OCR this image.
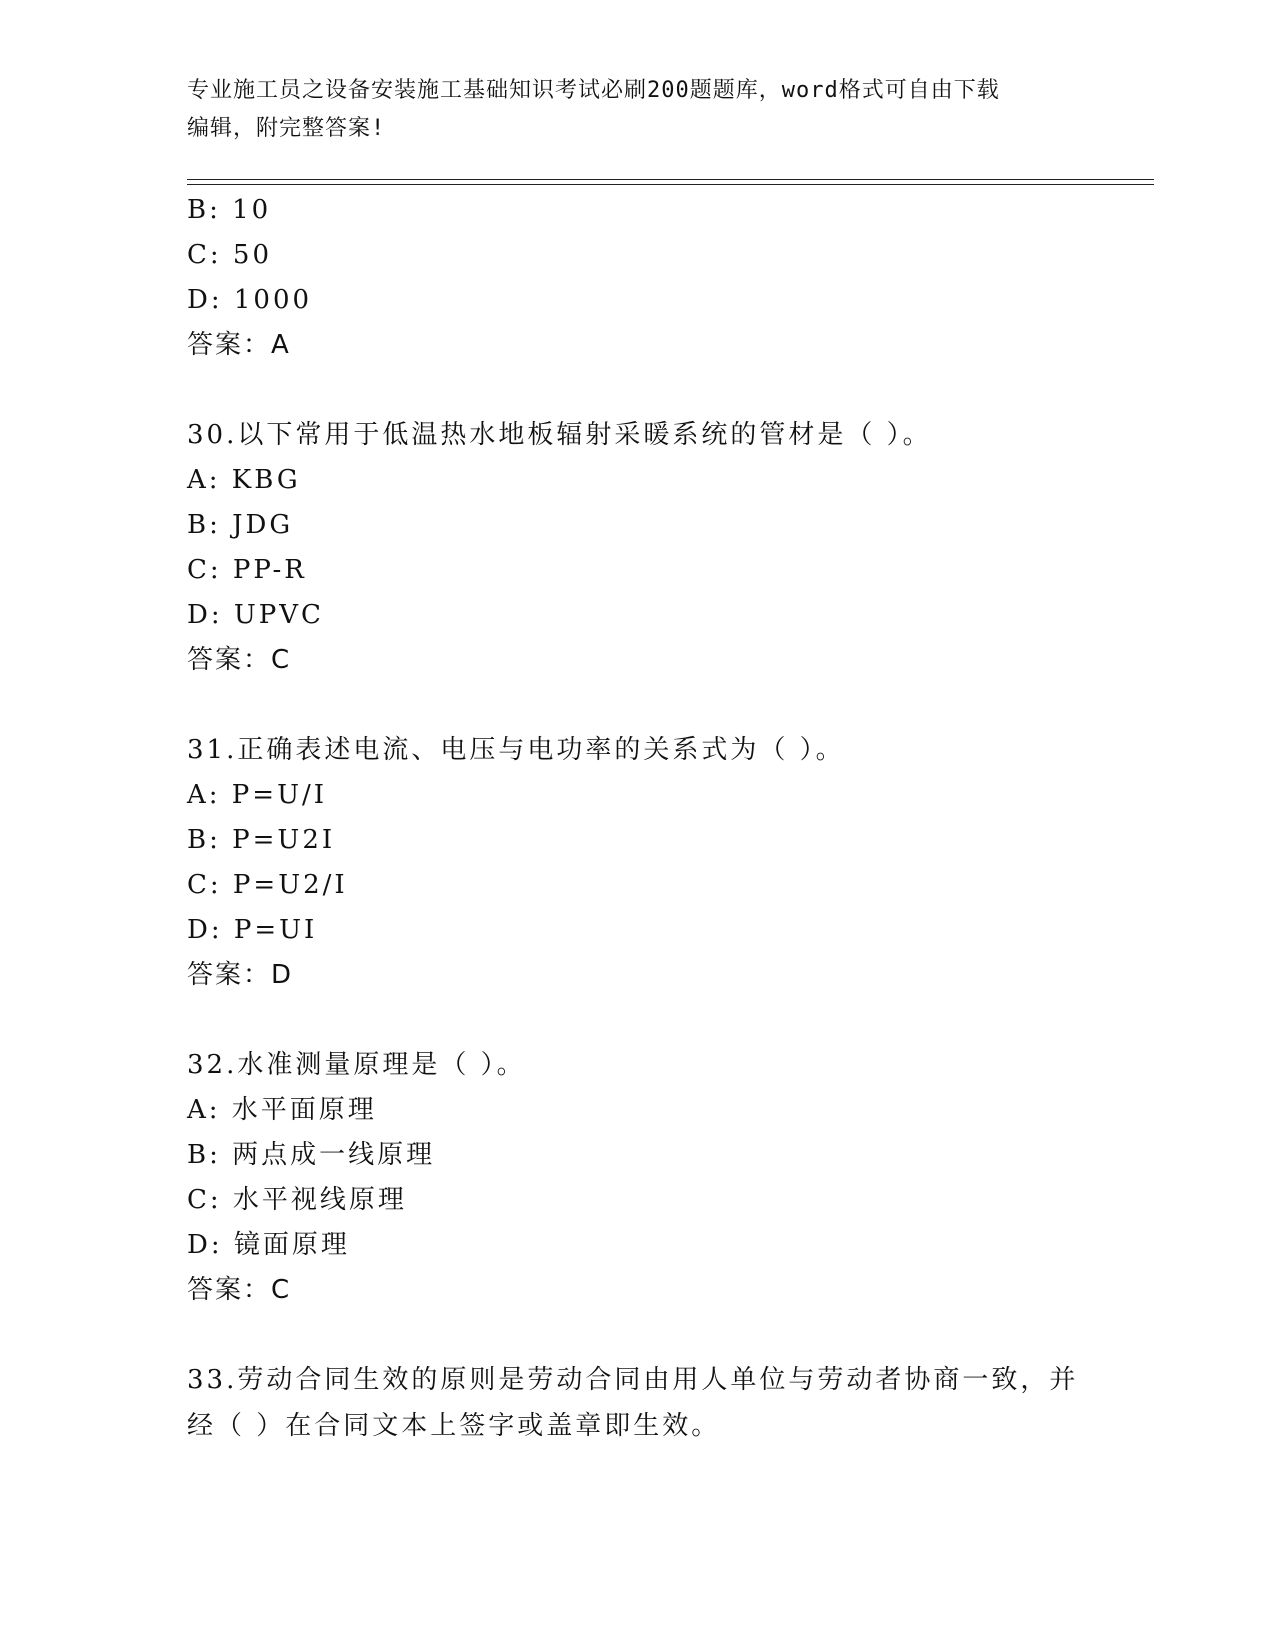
专业施工员之设备安装施工基础知识考试必刷200题题库，word格式可自由下载
编辑，附完整答案!
B: 10
C: 50
D: 1000
答案：A
30.以下常用于低温热水地板辐射采暖系统的管材是（ ）。
A: KBG
B: JDG
C: PP-R
D: UPVC
答案：C
31.正确表述电流、电压与电功率的关系式为（ ）。
A: P=U/I
B: P=U2I
C: P=U2/I
D: P=UI
答案：D
32.水准测量原理是（ ）。
A: 水平面原理
B: 两点成一线原理
C: 水平视线原理
D: 镜面原理
答案：C
33.劳动合同生效的原则是劳动合同由用人单位与劳动者协商一致，并
经（ ）在合同文本上签字或盖章即生效。
